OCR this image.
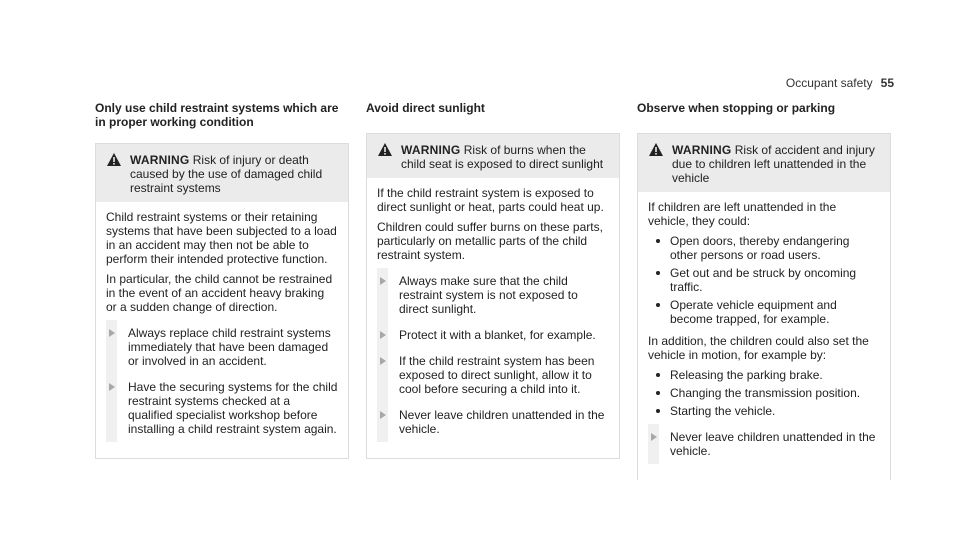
Occupant safety 55
Only use child restraint systems which are in proper working condition
WARNING Risk of injury or death caused by the use of damaged child restraint systems

Child restraint systems or their retaining systems that have been subjected to a load in an accident may then not be able to perform their intended protective function.

In particular, the child cannot be restrained in the event of an accident heavy braking or a sudden change of direction.

Always replace child restraint systems immediately that have been damaged or involved in an accident.
Have the securing systems for the child restraint systems checked at a qualified specialist workshop before installing a child restraint system again.
Avoid direct sunlight
WARNING Risk of burns when the child seat is exposed to direct sunlight

If the child restraint system is exposed to direct sunlight or heat, parts could heat up.

Children could suffer burns on these parts, particularly on metallic parts of the child restraint system.

Always make sure that the child restraint system is not exposed to direct sunlight.
Protect it with a blanket, for example.
If the child restraint system has been exposed to direct sunlight, allow it to cool before securing a child into it.
Never leave children unattended in the vehicle.
Observe when stopping or parking
WARNING Risk of accident and injury due to children left unattended in the vehicle

If children are left unattended in the vehicle, they could:

Open doors, thereby endangering other persons or road users.
Get out and be struck by oncoming traffic.
Operate vehicle equipment and become trapped, for example.

In addition, the children could also set the vehicle in motion, for example by:

Releasing the parking brake.
Changing the transmission position.
Starting the vehicle.
Never leave children unattended in the vehicle.
